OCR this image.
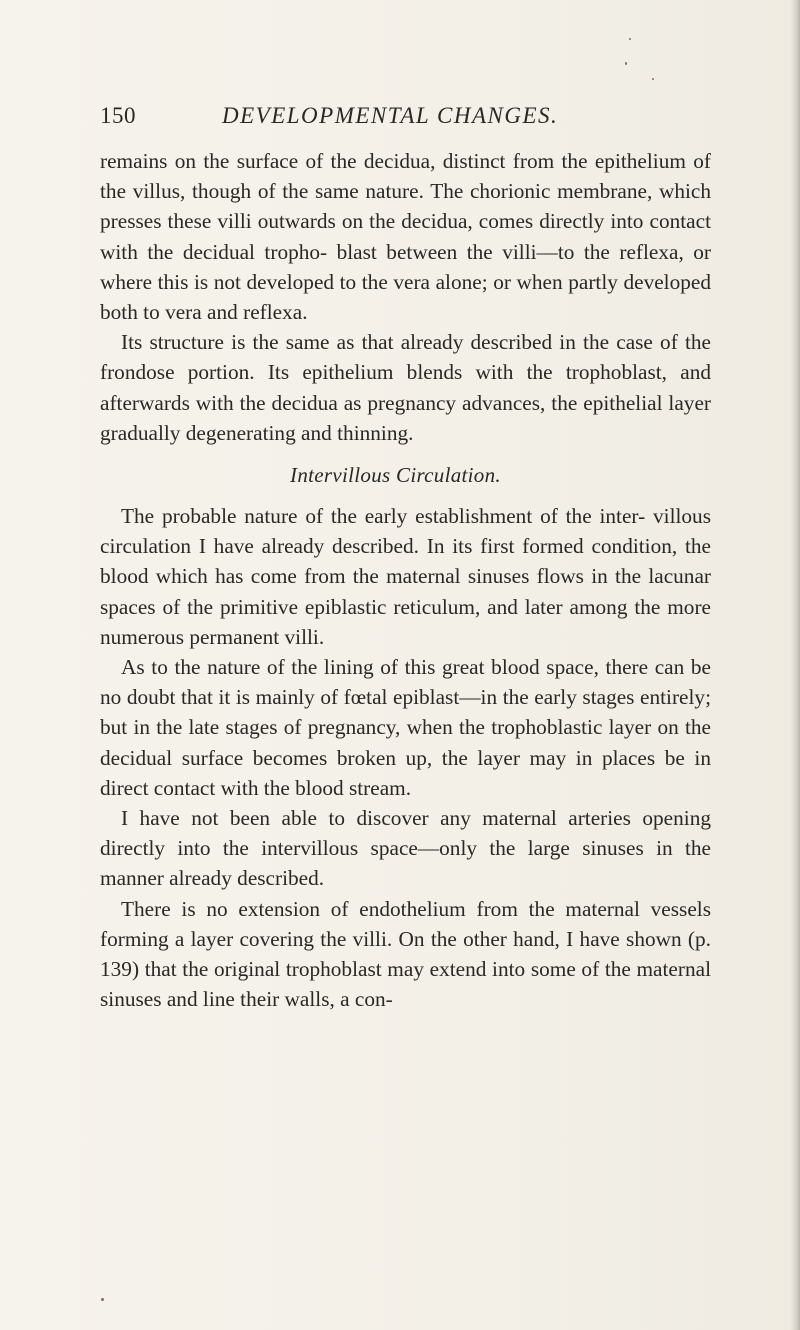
150	DEVELOPMENTAL CHANGES.

remains on the surface of the decidua, distinct from the epithelium of the villus, though of the same nature. The chorionic membrane, which presses these villi outwards on the decidua, comes directly into contact with the decidual tropho- blast between the villi—to the reflexa, or where this is not developed to the vera alone; or when partly developed both to vera and reflexa.

Its structure is the same as that already described in the case of the frondose portion. Its epithelium blends with the trophoblast, and afterwards with the decidua as pregnancy advances, the epithelial layer gradually degenerating and thinning.

Intervillous Circulation.

The probable nature of the early establishment of the inter- villous circulation I have already described. In its first formed condition, the blood which has come from the maternal sinuses flows in the lacunar spaces of the primitive epiblastic reticulum, and later among the more numerous permanent villi.

As to the nature of the lining of this great blood space, there can be no doubt that it is mainly of fœtal epiblast—in the early stages entirely; but in the late stages of pregnancy, when the trophoblastic layer on the decidual surface becomes broken up, the layer may in places be in direct contact with the blood stream.

I have not been able to discover any maternal arteries opening directly into the intervillous space—only the large sinuses in the manner already described.

There is no extension of endothelium from the maternal vessels forming a layer covering the villi. On the other hand, I have shown (p. 139) that the original trophoblast may extend into some of the maternal sinuses and line their walls, a con-
